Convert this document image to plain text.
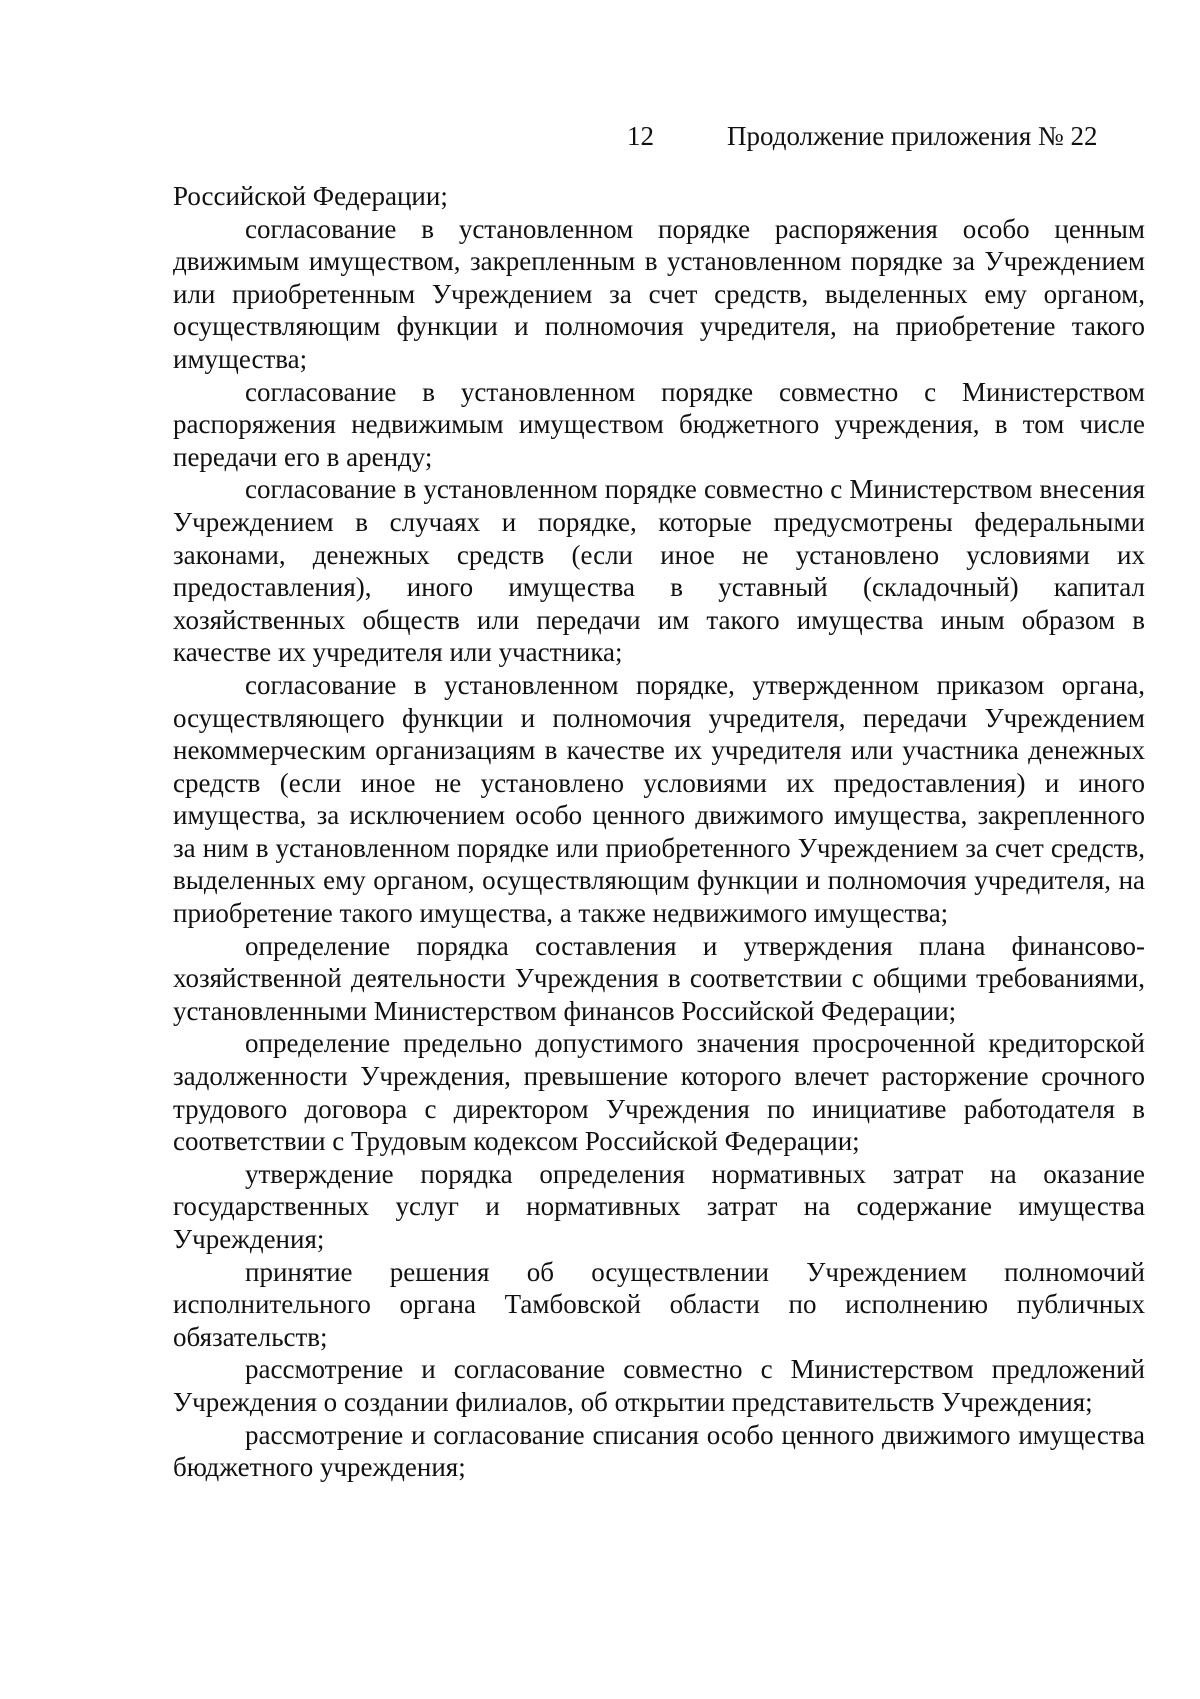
12	Продолжение приложения № 22

Российской Федерации;

согласование в установленном порядке распоряжения особо ценным движимым имуществом, закрепленным в установленном порядке за Учреждением или приобретенным Учреждением за счет средств, выделенных ему органом, осуществляющим функции и полномочия учредителя, на приобретение такого имущества;

согласование в установленном порядке совместно с Министерством распоряжения недвижимым имуществом бюджетного учреждения, в том числе передачи его в аренду;

согласование в установленном порядке совместно с Министерством внесения Учреждением в случаях и порядке, которые предусмотрены федеральными законами, денежных средств (если иное не установлено условиями их предоставления), иного имущества в уставный (складочный) капитал хозяйственных обществ или передачи им такого имущества иным образом в качестве их учредителя или участника;

согласование в установленном порядке, утвержденном приказом органа, осуществляющего функции и полномочия учредителя, передачи Учреждением некоммерческим организациям в качестве их учредителя или участника денежных средств (если иное не установлено условиями их предоставления) и иного имущества, за исключением особо ценного движимого имущества, закрепленного за ним в установленном порядке или приобретенного Учреждением за счет средств, выделенных ему органом, осуществляющим функции и полномочия учредителя, на приобретение такого имущества, а также недвижимого имущества;

определение порядка составления и утверждения плана финансово-хозяйственной деятельности Учреждения в соответствии с общими требованиями, установленными Министерством финансов Российской Федерации;

определение предельно допустимого значения просроченной кредиторской задолженности Учреждения, превышение которого влечет расторжение срочного трудового договора с директором Учреждения по инициативе работодателя в соответствии с Трудовым кодексом Российской Федерации;

утверждение порядка определения нормативных затрат на оказание государственных услуг и нормативных затрат на содержание имущества Учреждения;

принятие решения об осуществлении Учреждением полномочий исполнительного органа Тамбовской области по исполнению публичных обязательств;

рассмотрение и согласование совместно с Министерством предложений Учреждения о создании филиалов, об открытии представительств Учреждения;

рассмотрение и согласование списания особо ценного движимого имущества бюджетного учреждения;
